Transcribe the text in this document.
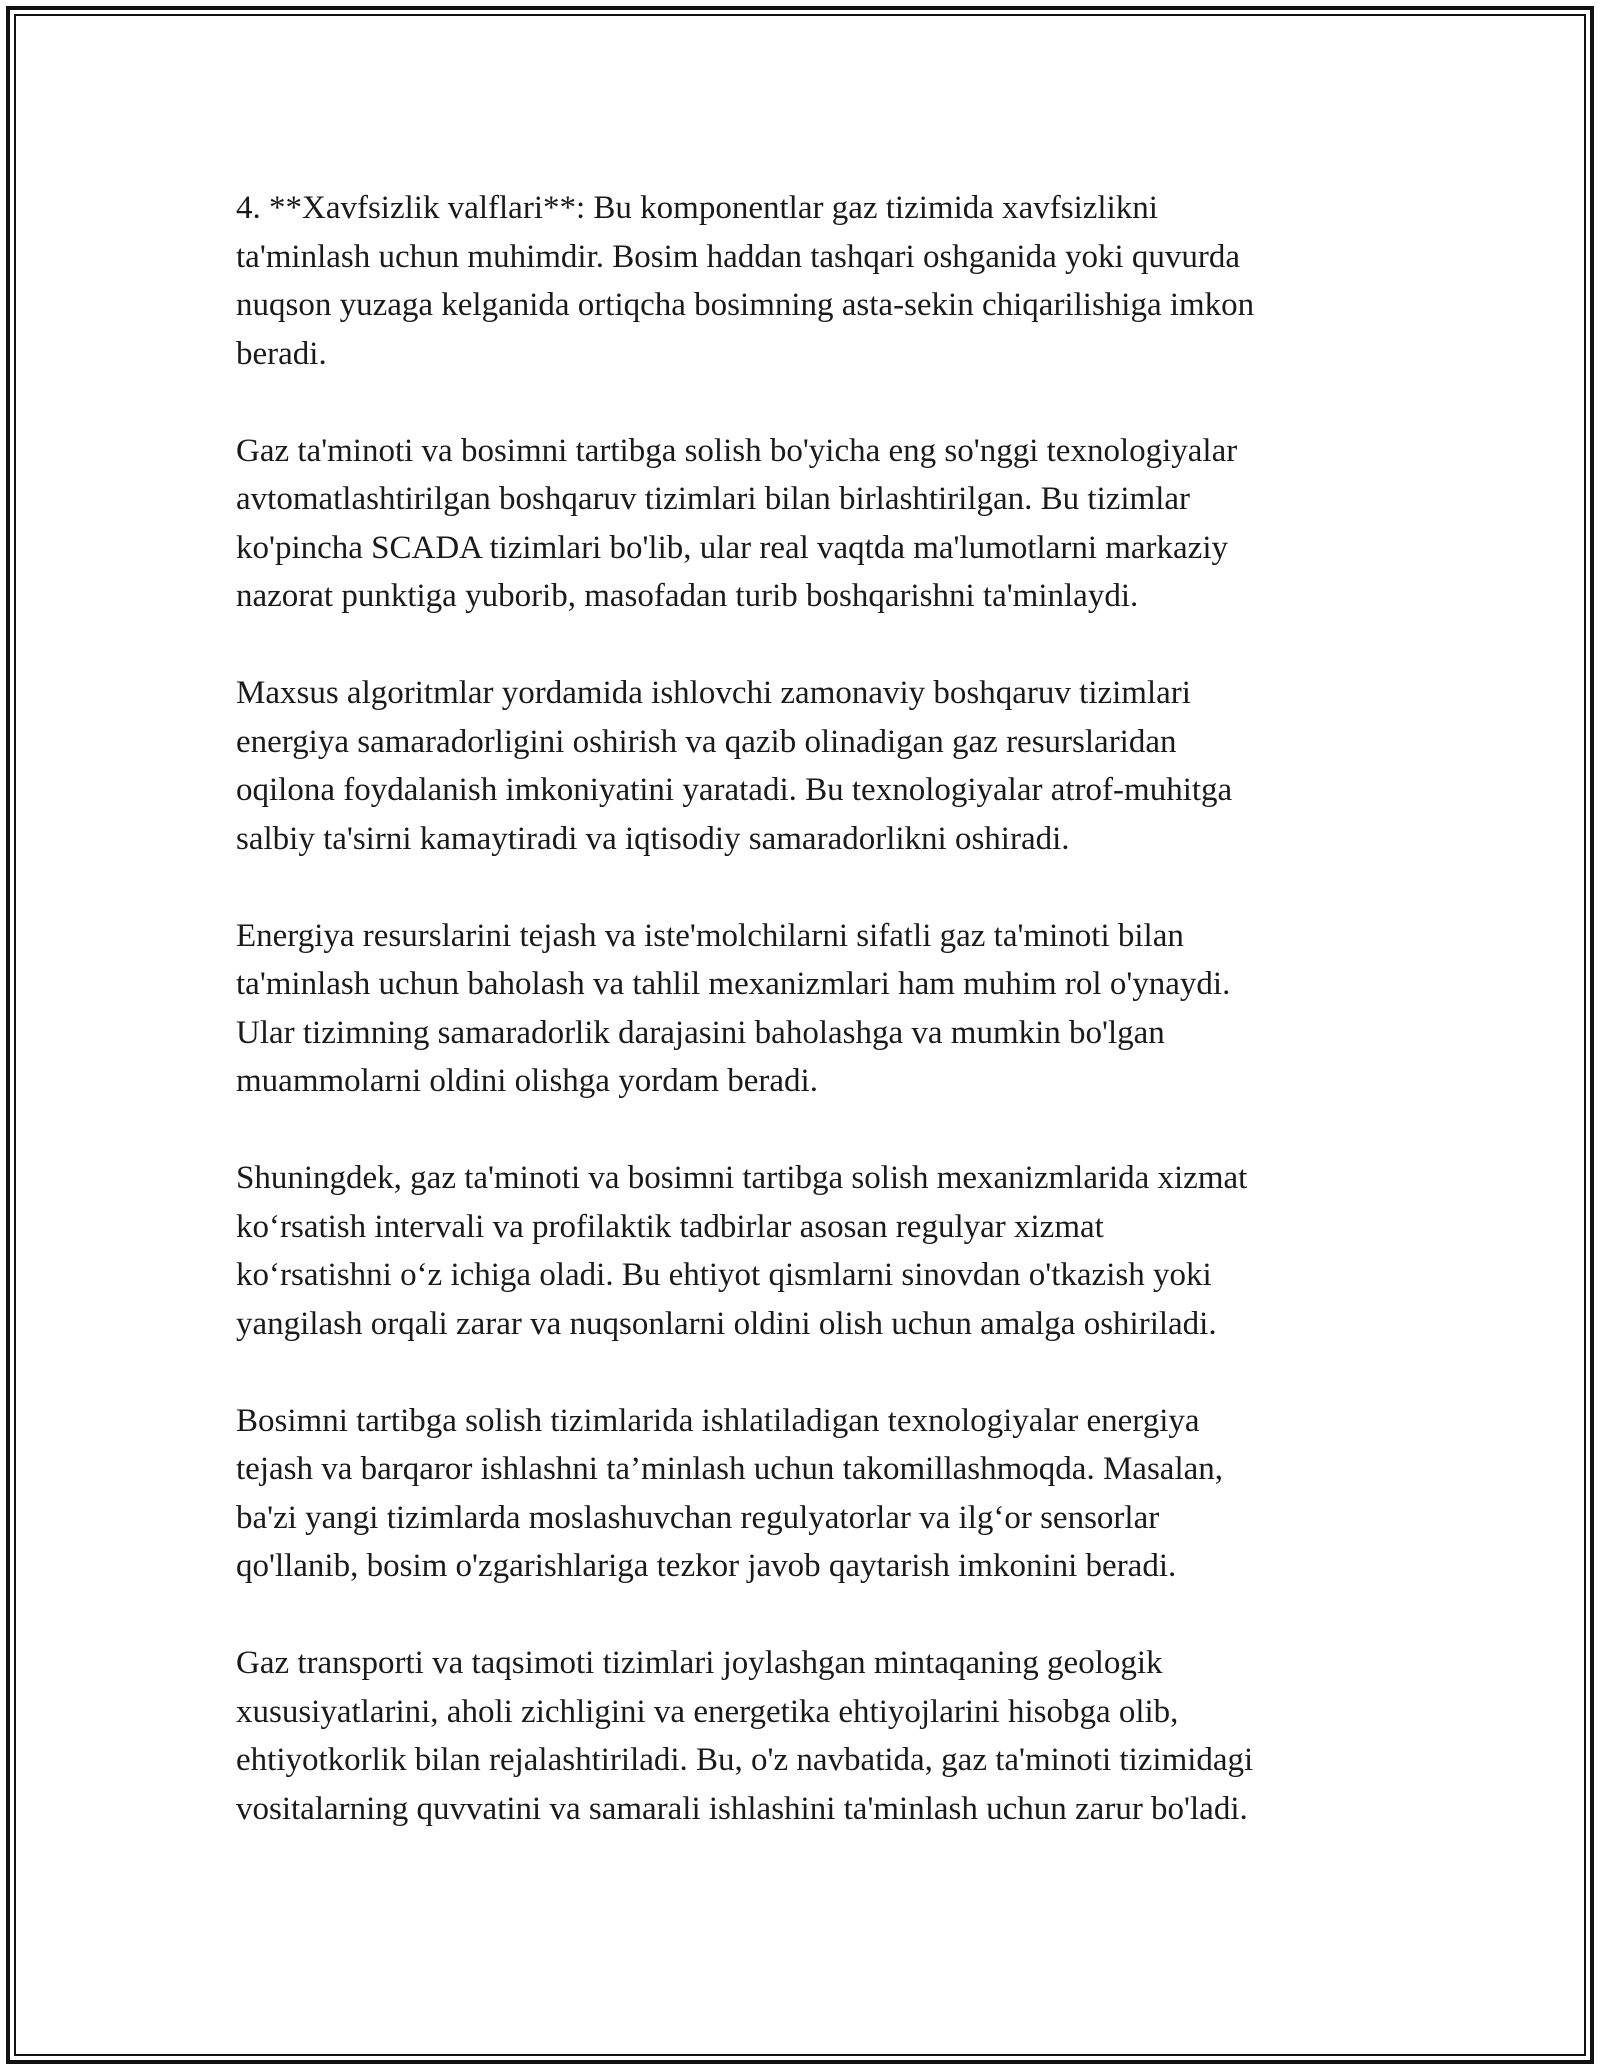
4. **Xavfsizlik valflari**: Bu komponentlar gaz tizimida xavfsizlikni
ta'minlash uchun muhimdir. Bosim haddan tashqari oshganida yoki quvurda
nuqson yuzaga kelganida ortiqcha bosimning asta-sekin chiqarilishiga imkon
beradi.

Gaz ta'minoti va bosimni tartibga solish bo'yicha eng so'nggi texnologiyalar
avtomatlashtirilgan boshqaruv tizimlari bilan birlashtirilgan. Bu tizimlar
ko'pincha SCADA tizimlari bo'lib, ular real vaqtda ma'lumotlarni markaziy
nazorat punktiga yuborib, masofadan turib boshqarishni ta'minlaydi.

Maxsus algoritmlar yordamida ishlovchi zamonaviy boshqaruv tizimlari
energiya samaradorligini oshirish va qazib olinadigan gaz resurslaridan
oqilona foydalanish imkoniyatini yaratadi. Bu texnologiyalar atrof-muhitga
salbiy ta'sirni kamaytiradi va iqtisodiy samaradorlikni oshiradi.

Energiya resurslarini tejash va iste'molchilarni sifatli gaz ta'minoti bilan
ta'minlash uchun baholash va tahlil mexanizmlari ham muhim rol o'ynaydi.
Ular tizimning samaradorlik darajasini baholashga va mumkin bo'lgan
muammolarni oldini olishga yordam beradi.

Shuningdek, gaz ta'minoti va bosimni tartibga solish mexanizmlarida xizmat
ko‘rsatish intervali va profilaktik tadbirlar asosan regulyar xizmat
ko‘rsatishni o‘z ichiga oladi. Bu ehtiyot qismlarni sinovdan o'tkazish yoki
yangilash orqali zarar va nuqsonlarni oldini olish uchun amalga oshiriladi.

Bosimni tartibga solish tizimlarida ishlatiladigan texnologiyalar energiya
tejash va barqaror ishlashni ta’minlash uchun takomillashmoqda. Masalan,
ba'zi yangi tizimlarda moslashuvchan regulyatorlar va ilg‘or sensorlar
qo'llanib, bosim o'zgarishlariga tezkor javob qaytarish imkonini beradi.

Gaz transporti va taqsimoti tizimlari joylashgan mintaqaning geologik
xususiyatlarini, aholi zichligini va energetika ehtiyojlarini hisobga olib,
ehtiyotkorlik bilan rejalashtiriladi. Bu, o'z navbatida, gaz ta'minoti tizimidagi
vositalarning quvvatini va samarali ishlashini ta'minlash uchun zarur bo'ladi.
